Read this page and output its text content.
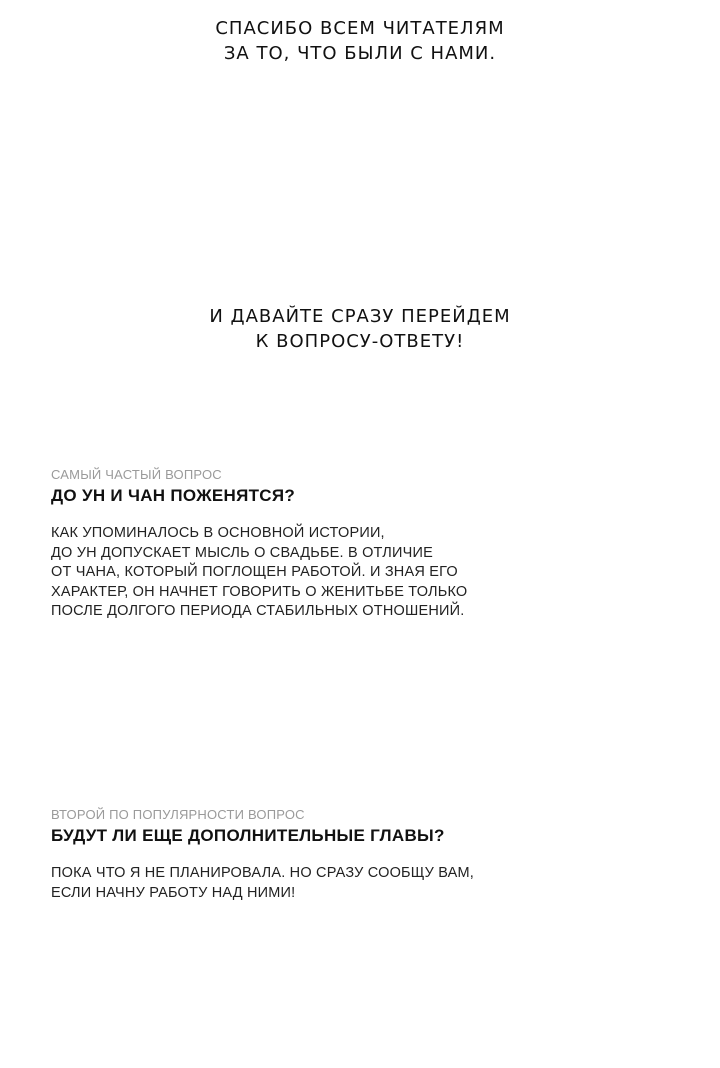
СПАСИБО ВСЕМ ЧИТАТЕЛЯМ
ЗА ТО, ЧТО БЫЛИ С НАМИ.

И ДАВАЙТЕ СРАЗУ ПЕРЕЙДЕМ
К ВОПРОСУ-ОТВЕТУ!

САМЫЙ ЧАСТЫЙ ВОПРОС

ДО УН И ЧАН ПОЖЕНЯТСЯ?

КАК УПОМИНАЛОСЬ В ОСНОВНОЙ ИСТОРИИ,
ДО УН ДОПУСКАЕТ МЫСЛЬ О СВАДЬБЕ. В ОТЛИЧИЕ
ОТ ЧАНА, КОТОРЫЙ ПОГЛОЩЕН РАБОТОЙ. И ЗНАЯ ЕГО
ХАРАКТЕР, ОН НАЧНЕТ ГОВОРИТЬ О ЖЕНИТЬБЕ ТОЛЬКО
ПОСЛЕ ДОЛГОГО ПЕРИОДА СТАБИЛЬНЫХ ОТНОШЕНИЙ.

ВТОРОЙ ПО ПОПУЛЯРНОСТИ ВОПРОС

БУДУТ ЛИ ЕЩЕ ДОПОЛНИТЕЛЬНЫЕ ГЛАВЫ?

ПОКА ЧТО Я НЕ ПЛАНИРОВАЛА. НО СРАЗУ СООБЩУ ВАМ,
ЕСЛИ НАЧНУ РАБОТУ НАД НИМИ!
